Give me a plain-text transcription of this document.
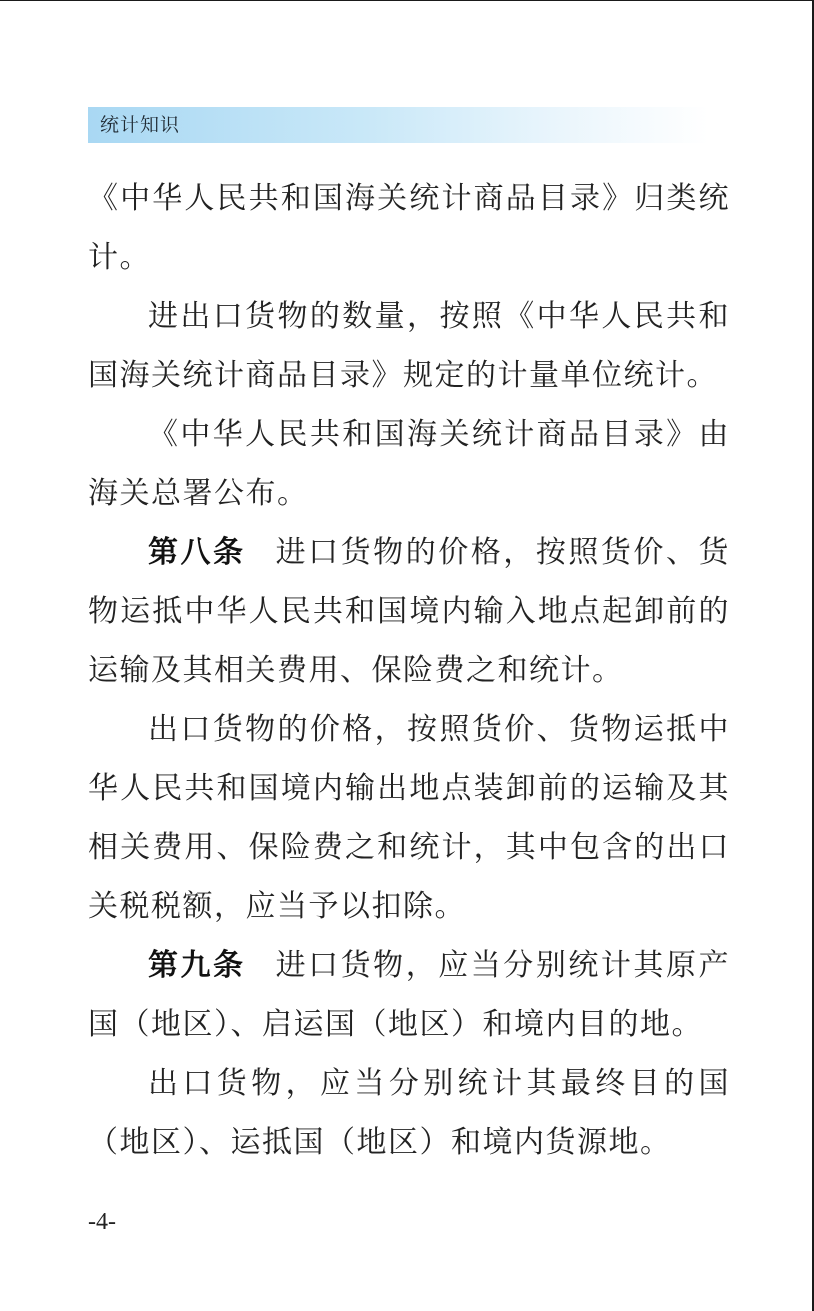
统计知识

《中华人民共和国海关统计商品目录》归类统计。

进出口货物的数量，按照《中华人民共和国海关统计商品目录》规定的计量单位统计。

《中华人民共和国海关统计商品目录》由海关总署公布。

第八条 进口货物的价格，按照货价、货物运抵中华人民共和国境内输入地点起卸前的运输及其相关费用、保险费之和统计。

出口货物的价格，按照货价、货物运抵中华人民共和国境内输出地点装卸前的运输及其相关费用、保险费之和统计，其中包含的出口关税税额，应当予以扣除。

第九条 进口货物，应当分别统计其原产国（地区）、启运国（地区）和境内目的地。

出口货物，应当分别统计其最终目的国（地区）、运抵国（地区）和境内货源地。

-4-
